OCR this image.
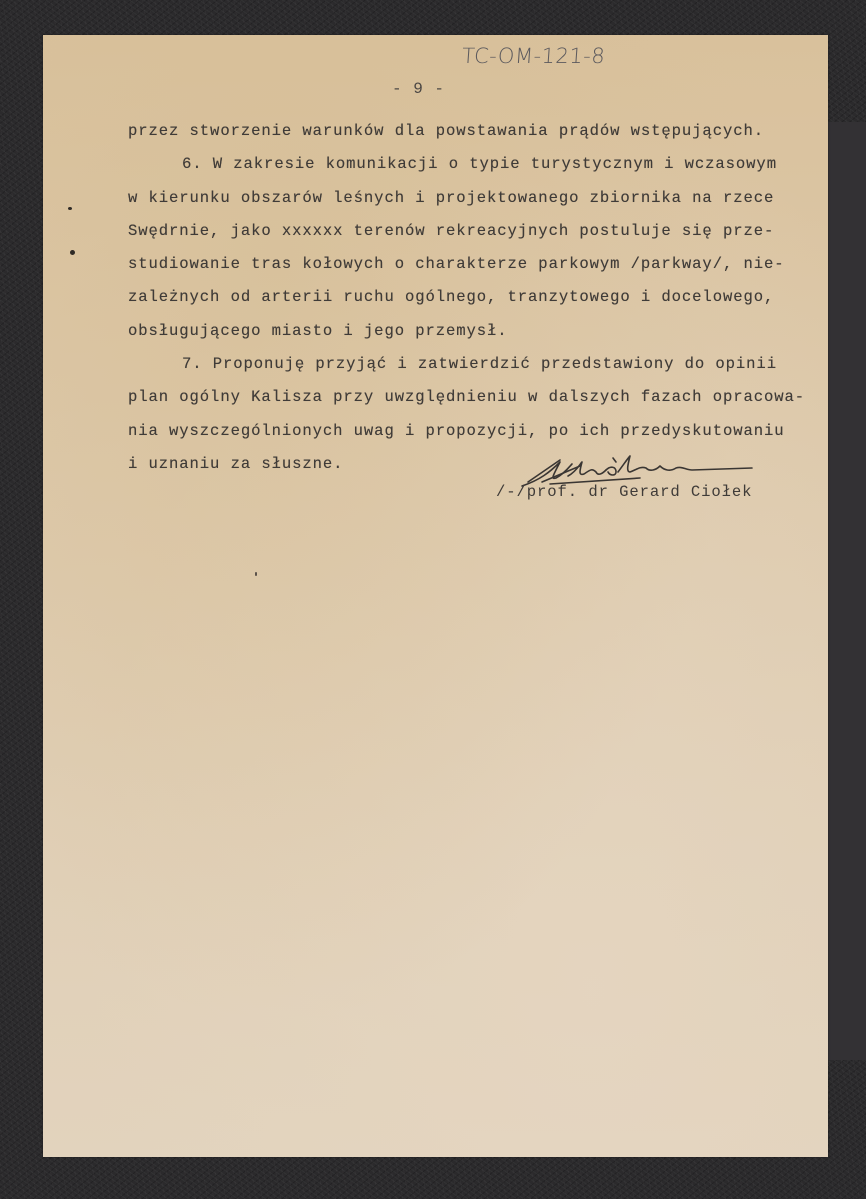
TC-OM-121-8
- 9 -
przez stworzenie warunków dla powstawania prądów wstępujących.
6. W zakresie komunikacji o typie turystycznym i wczasowym
w kierunku obszarów leśnych i projektowanego zbiornika na rzece
Swędrnie, jako xxxxxx terenów rekreacyjnych postuluje się prze-
studiowanie tras kołowych o charakterze parkowym /parkway/, nie-
zależnych od arterii ruchu ogólnego, tranzytowego i docelowego,
obsługującego miasto i jego przemysł.
7. Proponuję przyjąć i zatwierdzić przedstawiony do opinii
plan ogólny Kalisza przy uwzględnieniu w dalszych fazach opracowa-
nia wyszczególnionych uwag i propozycji, po ich przedyskutowaniu
i uznaniu za słuszne.
/-/prof. dr Gerard Ciołek
